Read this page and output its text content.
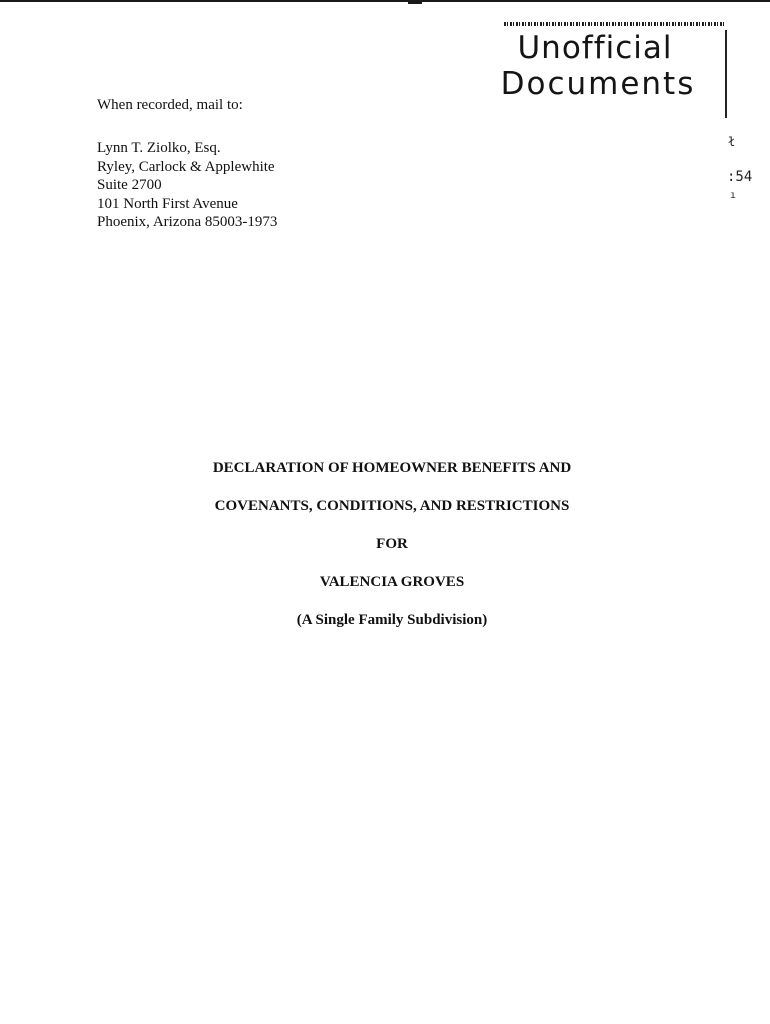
Unofficial
Documents
ł
:54
ı
When recorded, mail to:
Lynn T. Ziolko, Esq.
Ryley, Carlock & Applewhite
Suite 2700
101 North First Avenue
Phoenix, Arizona 85003-1973
DECLARATION OF HOMEOWNER BENEFITS AND
COVENANTS, CONDITIONS, AND RESTRICTIONS
FOR
VALENCIA GROVES
(A Single Family Subdivision)
